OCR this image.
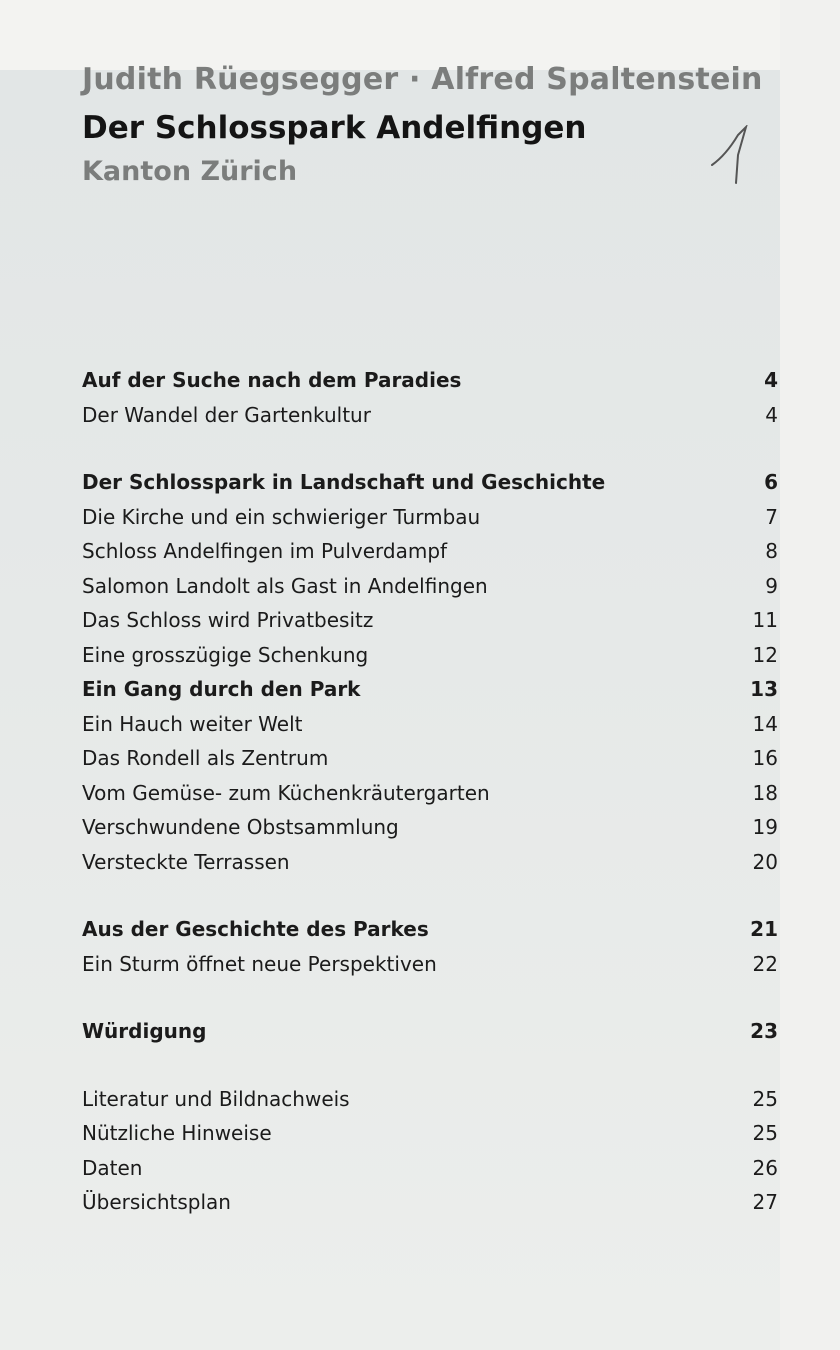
Judith Rüegsegger · Alfred Spaltenstein
Der Schlosspark Andelfingen
Kanton Zürich
Auf der Suche nach dem Paradies	4
Der Wandel der Gartenkultur	4
Der Schlosspark in Landschaft und Geschichte	6
Die Kirche und ein schwieriger Turmbau	7
Schloss Andelfingen im Pulverdampf	8
Salomon Landolt als Gast in Andelfingen	9
Das Schloss wird Privatbesitz	11
Eine grosszügige Schenkung	12
Ein Gang durch den Park	13
Ein Hauch weiter Welt	14
Das Rondell als Zentrum	16
Vom Gemüse- zum Küchenkräutergarten	18
Verschwundene Obstsammlung	19
Versteckte Terrassen	20
Aus der Geschichte des Parkes	21
Ein Sturm öffnet neue Perspektiven	22
Würdigung	23
Literatur und Bildnachweis	25
Nützliche Hinweise	25
Daten	26
Übersichtsplan	27
